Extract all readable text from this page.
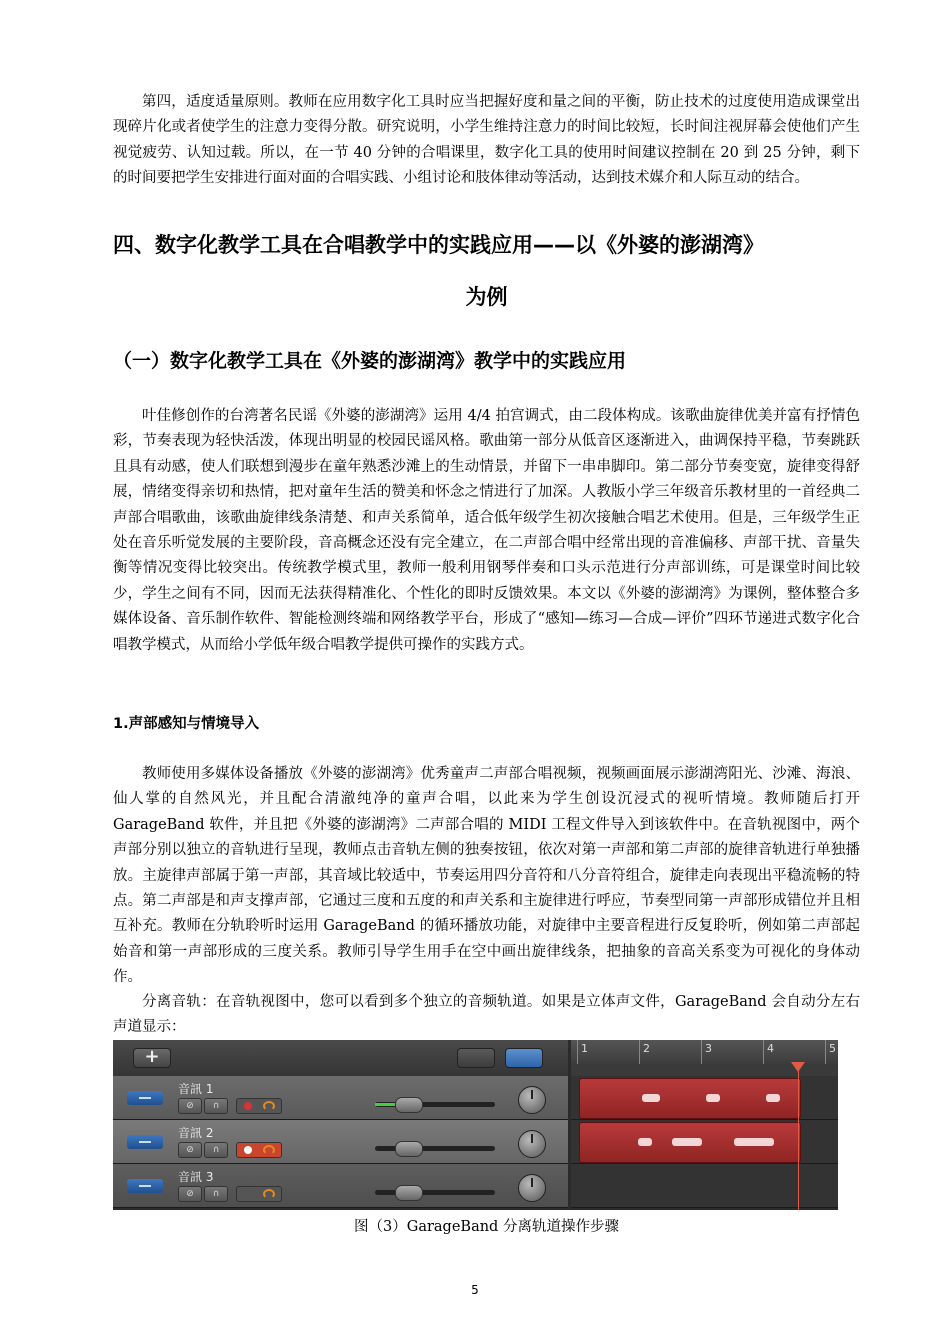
第四，适度适量原则。教师在应用数字化工具时应当把握好度和量之间的平衡，防止技术的过度使用造成课堂出现碎片化或者使学生的注意力变得分散。研究说明，小学生维持注意力的时间比较短，长时间注视屏幕会使他们产生视觉疲劳、认知过载。所以，在一节 40 分钟的合唱课里，数字化工具的使用时间建议控制在 20 到 25 分钟，剩下的时间要把学生安排进行面对面的合唱实践、小组讨论和肢体律动等活动，达到技术媒介和人际互动的结合。

四、数字化教学工具在合唱教学中的实践应用——以《外婆的澎湖湾》
为例
（一）数字化教学工具在《外婆的澎湖湾》教学中的实践应用

叶佳修创作的台湾著名民谣《外婆的澎湖湾》运用 4/4 拍宫调式，由二段体构成。该歌曲旋律优美并富有抒情色彩，节奏表现为轻快活泼，体现出明显的校园民谣风格。歌曲第一部分从低音区逐渐进入，曲调保持平稳，节奏跳跃且具有动感，使人们联想到漫步在童年熟悉沙滩上的生动情景，并留下一串串脚印。第二部分节奏变宽，旋律变得舒展，情绪变得亲切和热情，把对童年生活的赞美和怀念之情进行了加深。人教版小学三年级音乐教材里的一首经典二声部合唱歌曲，该歌曲旋律线条清楚、和声关系简单，适合低年级学生初次接触合唱艺术使用。但是，三年级学生正处在音乐听觉发展的主要阶段，音高概念还没有完全建立，在二声部合唱中经常出现的音准偏移、声部干扰、音量失衡等情况变得比较突出。传统教学模式里，教师一般利用钢琴伴奏和口头示范进行分声部训练，可是课堂时间比较少，学生之间有不同，因而无法获得精准化、个性化的即时反馈效果。本文以《外婆的澎湖湾》为课例，整体整合多媒体设备、音乐制作软件、智能检测终端和网络教学平台，形成了“感知—练习—合成—评价”四环节递进式数字化合唱教学模式，从而给小学低年级合唱教学提供可操作的实践方式。

1.声部感知与情境导入

教师使用多媒体设备播放《外婆的澎湖湾》优秀童声二声部合唱视频，视频画面展示澎湖湾阳光、沙滩、海浪、仙人掌的自然风光，并且配合清澈纯净的童声合唱，以此来为学生创设沉浸式的视听情境。教师随后打开 GarageBand 软件，并且把《外婆的澎湖湾》二声部合唱的 MIDI 工程文件导入到该软件中。在音轨视图中，两个声部分别以独立的音轨进行呈现，教师点击音轨左侧的独奏按钮，依次对第一声部和第二声部的旋律音轨进行单独播放。主旋律声部属于第一声部，其音域比较适中，节奏运用四分音符和八分音符组合，旋律走向表现出平稳流畅的特点。第二声部是和声支撑声部，它通过三度和五度的和声关系和主旋律进行呼应，节奏型同第一声部形成错位并且相互补充。教师在分轨聆听时运用 GarageBand 的循环播放功能，对旋律中主要音程进行反复聆听，例如第二声部起始音和第一声部形成的三度关系。教师引导学生用手在空中画出旋律线条，把抽象的音高关系变为可视化的身体动作。

分离音轨：在音轨视图中，您可以看到多个独立的音频轨道。如果是立体声文件，GarageBand 会自动分左右声道显示：

+	1	2	3	4	5
音訊 1
⊘	∩
音訊 2
⊘	∩
音訊 3
⊘	∩
图（3）GarageBand 分离轨道操作步骤
5
